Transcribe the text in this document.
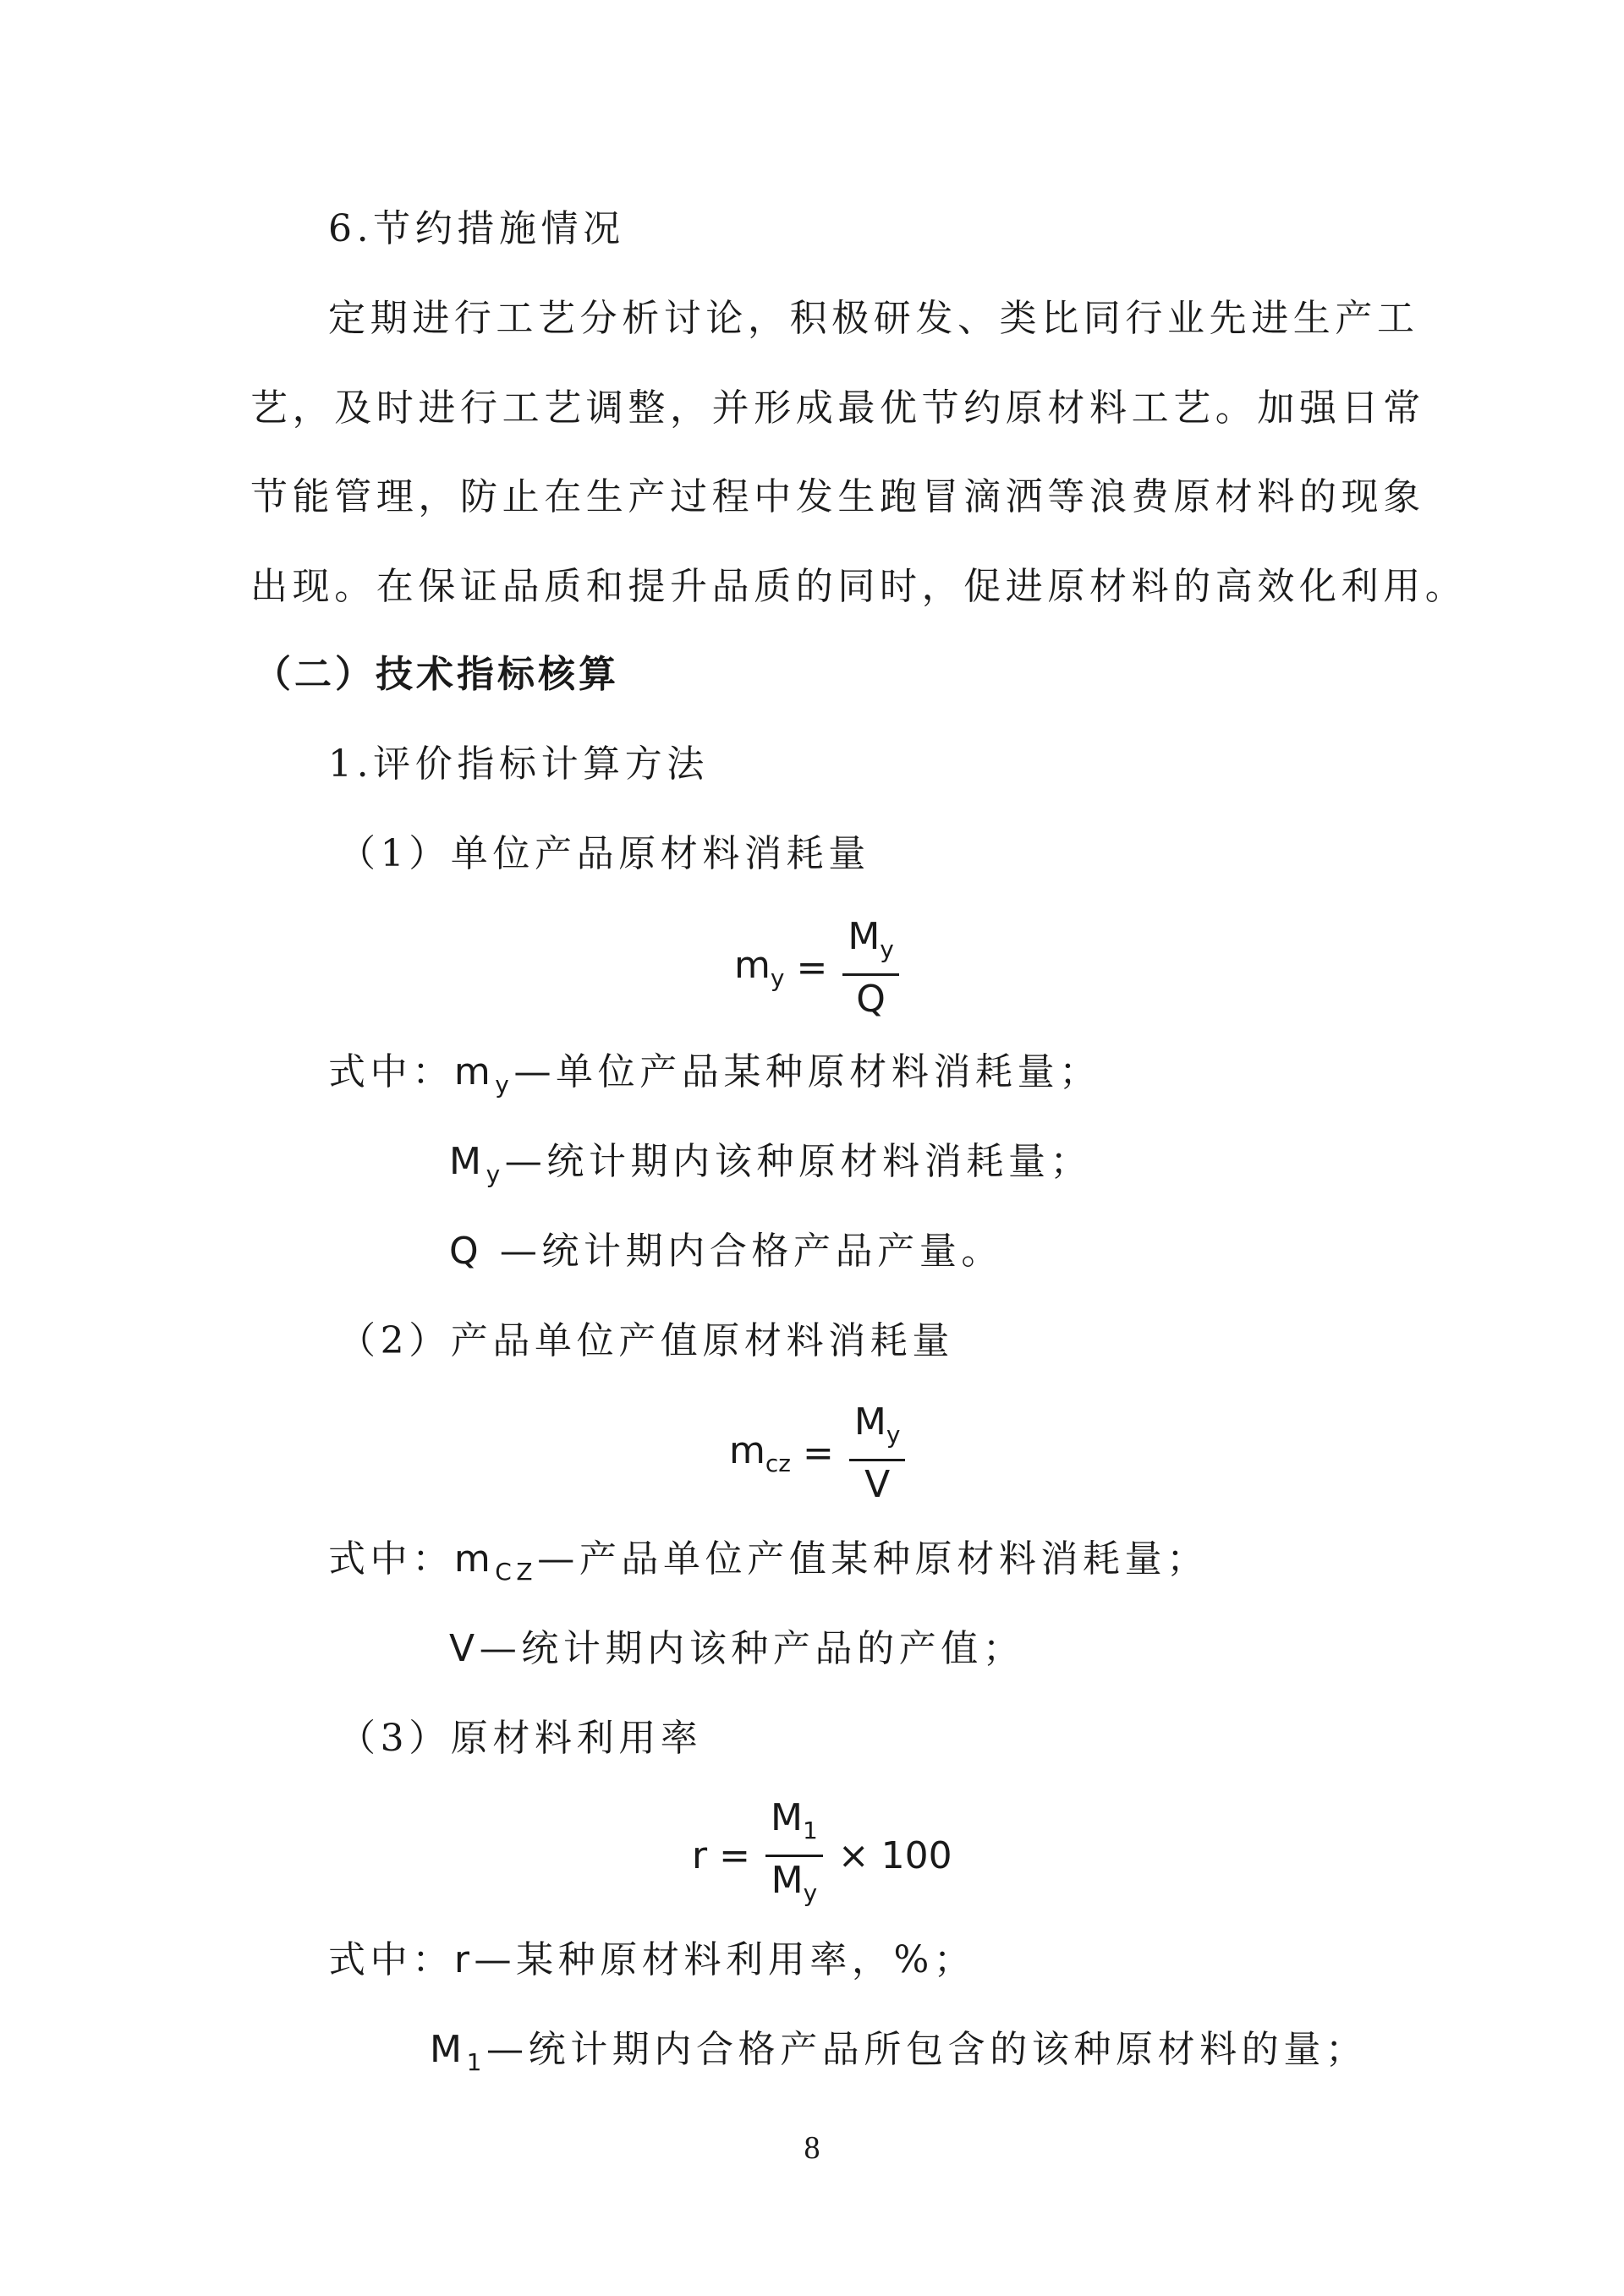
6.节约措施情况
定期进行工艺分析讨论，积极研发、类比同行业先进生产工
艺，及时进行工艺调整，并形成最优节约原材料工艺。加强日常
节能管理，防止在生产过程中发生跑冒滴洒等浪费原材料的现象
出现。在保证品质和提升品质的同时，促进原材料的高效化利用。
（二）技术指标核算
1.评价指标计算方法
（1）单位产品原材料消耗量
$m_y = \frac{M_y}{Q}$
式中：$m_y—$单位产品某种原材料消耗量；
$M_y—$统计期内该种原材料消耗量；
Q —统计期内合格产品产量。
（2）产品单位产值原材料消耗量
$m_{cz} = \frac{M_y}{V}$
式中：$m_{CZ}—$产品单位产值某种原材料消耗量；
V—统计期内该种产品的产值；
（3）原材料利用率
$r = \frac{M_1}{M_y} \times 100$
式中：r—某种原材料利用率，%；
$M_1—$统计期内合格产品所包含的该种原材料的量；
8
